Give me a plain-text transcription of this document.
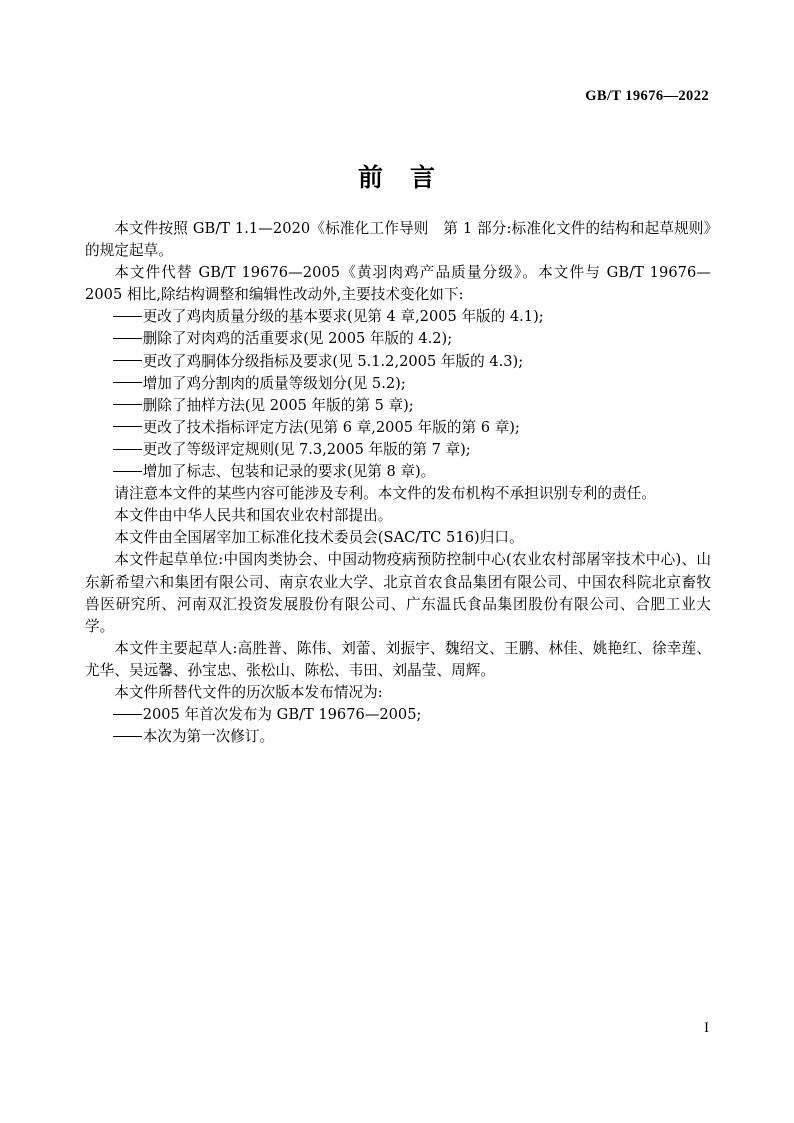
GB/T 19676—2022
前 言

本文件按照 GB/T 1.1—2020《标准化工作导则　第 1 部分:标准化文件的结构和起草规则》的规定起草。

本文件代替 GB/T 19676—2005《黄羽肉鸡产品质量分级》。本文件与 GB/T 19676—2005 相比,除结构调整和编辑性改动外,主要技术变化如下:

更改了鸡肉质量分级的基本要求(见第 4 章,2005 年版的 4.1);

删除了对肉鸡的活重要求(见 2005 年版的 4.2);

更改了鸡胴体分级指标及要求(见 5.1.2,2005 年版的 4.3);

增加了鸡分割肉的质量等级划分(见 5.2);

删除了抽样方法(见 2005 年版的第 5 章);

更改了技术指标评定方法(见第 6 章,2005 年版的第 6 章);

更改了等级评定规则(见 7.3,2005 年版的第 7 章);

增加了标志、包装和记录的要求(见第 8 章)。

请注意本文件的某些内容可能涉及专利。本文件的发布机构不承担识别专利的责任。

本文件由中华人民共和国农业农村部提出。

本文件由全国屠宰加工标准化技术委员会(SAC/TC 516)归口。

本文件起草单位:中国肉类协会、中国动物疫病预防控制中心(农业农村部屠宰技术中心)、山东新希望六和集团有限公司、南京农业大学、北京首农食品集团有限公司、中国农科院北京畜牧兽医研究所、河南双汇投资发展股份有限公司、广东温氏食品集团股份有限公司、合肥工业大学。

本文件主要起草人:高胜普、陈伟、刘蕾、刘振宇、魏绍文、王鹏、林佳、姚艳红、徐幸莲、尤华、吴远馨、孙宝忠、张松山、陈松、韦田、刘晶莹、周辉。

本文件所替代文件的历次版本发布情况为:

2005 年首次发布为 GB/T 19676—2005;

本次为第一次修订。

I
